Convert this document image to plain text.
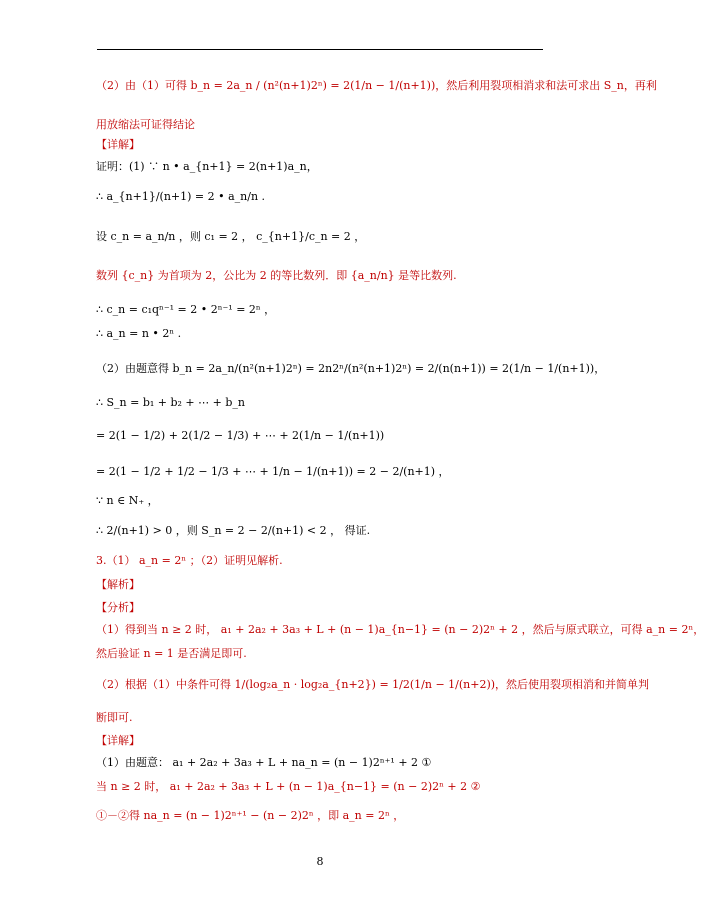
（2）由（1）可得 b_n = 2a_n / (n²(n+1)2ⁿ) = 2(1/n − 1/(n+1))，然后利用裂项相消求和法可求出 S_n，再利
用放缩法可证得结论
【详解】
证明：(1) ∵ n • a_{n+1} = 2(n+1)a_n，
∴ a_{n+1}/(n+1) = 2 • a_n/n .
设 c_n = a_n/n ，则 c₁ = 2 ， c_{n+1}/c_n = 2 ，
数列 {c_n} 为首项为 2，公比为 2 的等比数列．即 {a_n/n} 是等比数列.
∴ c_n = c₁qⁿ⁻¹ = 2 • 2ⁿ⁻¹ = 2ⁿ ，
∴ a_n = n • 2ⁿ .
（2）由题意得 b_n = 2a_n/(n²(n+1)2ⁿ) = 2n2ⁿ/(n²(n+1)2ⁿ) = 2/(n(n+1)) = 2(1/n − 1/(n+1))，
∴ S_n = b₁ + b₂ + ⋯ + b_n
= 2(1 − 1/2) + 2(1/2 − 1/3) + ⋯ + 2(1/n − 1/(n+1))
= 2(1 − 1/2 + 1/2 − 1/3 + ⋯ + 1/n − 1/(n+1)) = 2 − 2/(n+1) ，
∵ n ∈ N₊ ，
∴ 2/(n+1) > 0 ，则 S_n = 2 − 2/(n+1) < 2 ， 得证.
3.（1） a_n = 2ⁿ ；（2）证明见解析.
【解析】
【分析】
（1）得到当 n ≥ 2 时， a₁ + 2a₂ + 3a₃ + L + (n − 1)a_{n−1} = (n − 2)2ⁿ + 2 ，然后与原式联立，可得 a_n = 2ⁿ，
然后验证 n = 1 是否满足即可.
（2）根据（1）中条件可得 1/(log₂a_n · log₂a_{n+2}) = 1/2(1/n − 1/(n+2))，然后使用裂项相消和并简单判
断即可.
【详解】
（1）由题意： a₁ + 2a₂ + 3a₃ + L + na_n = (n − 1)2ⁿ⁺¹ + 2 ①
当 n ≥ 2 时， a₁ + 2a₂ + 3a₃ + L + (n − 1)a_{n−1} = (n − 2)2ⁿ + 2 ②
①－②得 na_n = (n − 1)2ⁿ⁺¹ − (n − 2)2ⁿ ，即 a_n = 2ⁿ ，
8
